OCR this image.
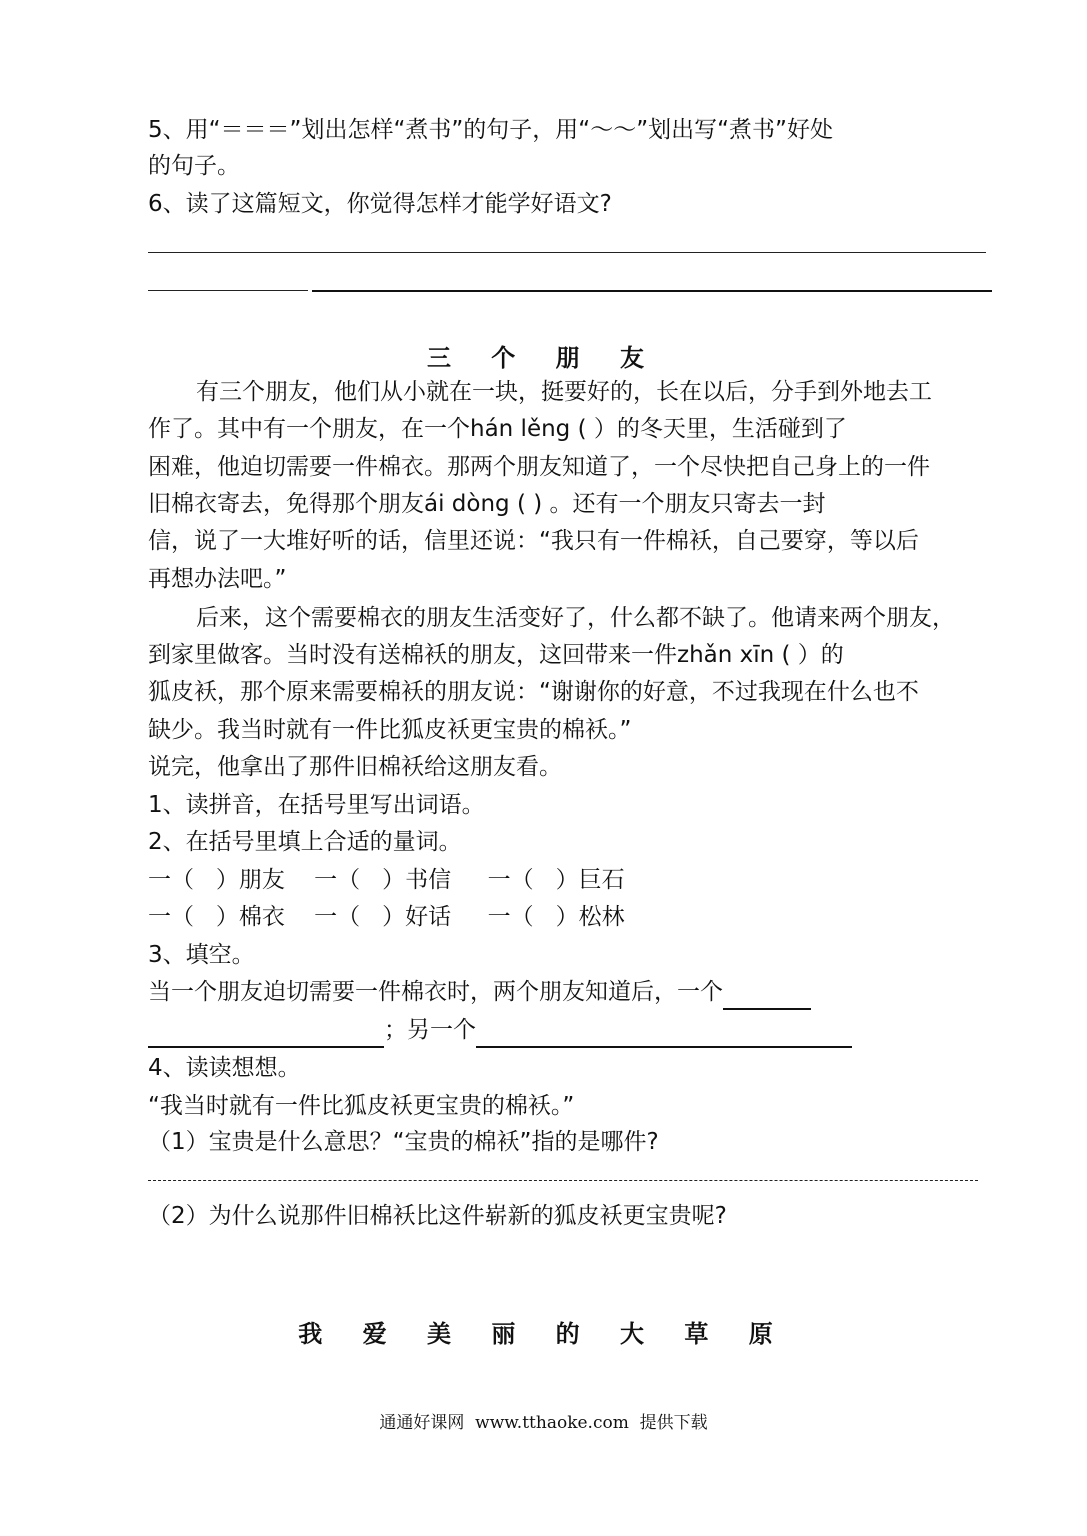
5、用“＝＝＝”划出怎样“煮书”的句子，用“～～”划出写“煮书”好处
的句子。
6、读了这篇短文，你觉得怎样才能学好语文?
三 个 朋 友
有三个朋友，他们从小就在一块，挺要好的，长在以后，分手到外地去工
作了。其中有一个朋友，在一个hán lěng ( ）的冬天里，生活碰到了
困难，他迫切需要一件棉衣。那两个朋友知道了，一个尽快把自己身上的一件
旧棉衣寄去，免得那个朋友ái dòng ( ) 。还有一个朋友只寄去一封
信，说了一大堆好听的话，信里还说：“我只有一件棉袄，自己要穿，等以后
再想办法吧。”
后来，这个需要棉衣的朋友生活变好了，什么都不缺了。他请来两个朋友，
到家里做客。当时没有送棉袄的朋友，这回带来一件zhǎn xīn ( ）的
狐皮袄，那个原来需要棉袄的朋友说：“谢谢你的好意，不过我现在什么也不
缺少。我当时就有一件比狐皮袄更宝贵的棉袄。”
说完，他拿出了那件旧棉袄给这朋友看。
1、读拼音，在括号里写出词语。
2、在括号里填上合适的量词。
一（   ）朋友    一（   ）书信     一（   ）巨石
一（   ）棉衣    一（   ）好话     一（   ）松林
3、填空。
当一个朋友迫切需要一件棉衣时，两个朋友知道后，一个
；另一个
4、读读想想。
“我当时就有一件比狐皮袄更宝贵的棉袄。”
（1）宝贵是什么意思？“宝贵的棉袄”指的是哪件?
（2）为什么说那件旧棉袄比这件崭新的狐皮袄更宝贵呢?
我 爱 美 丽 的 大 草 原
通通好课网  www.tthaoke.com  提供下载
